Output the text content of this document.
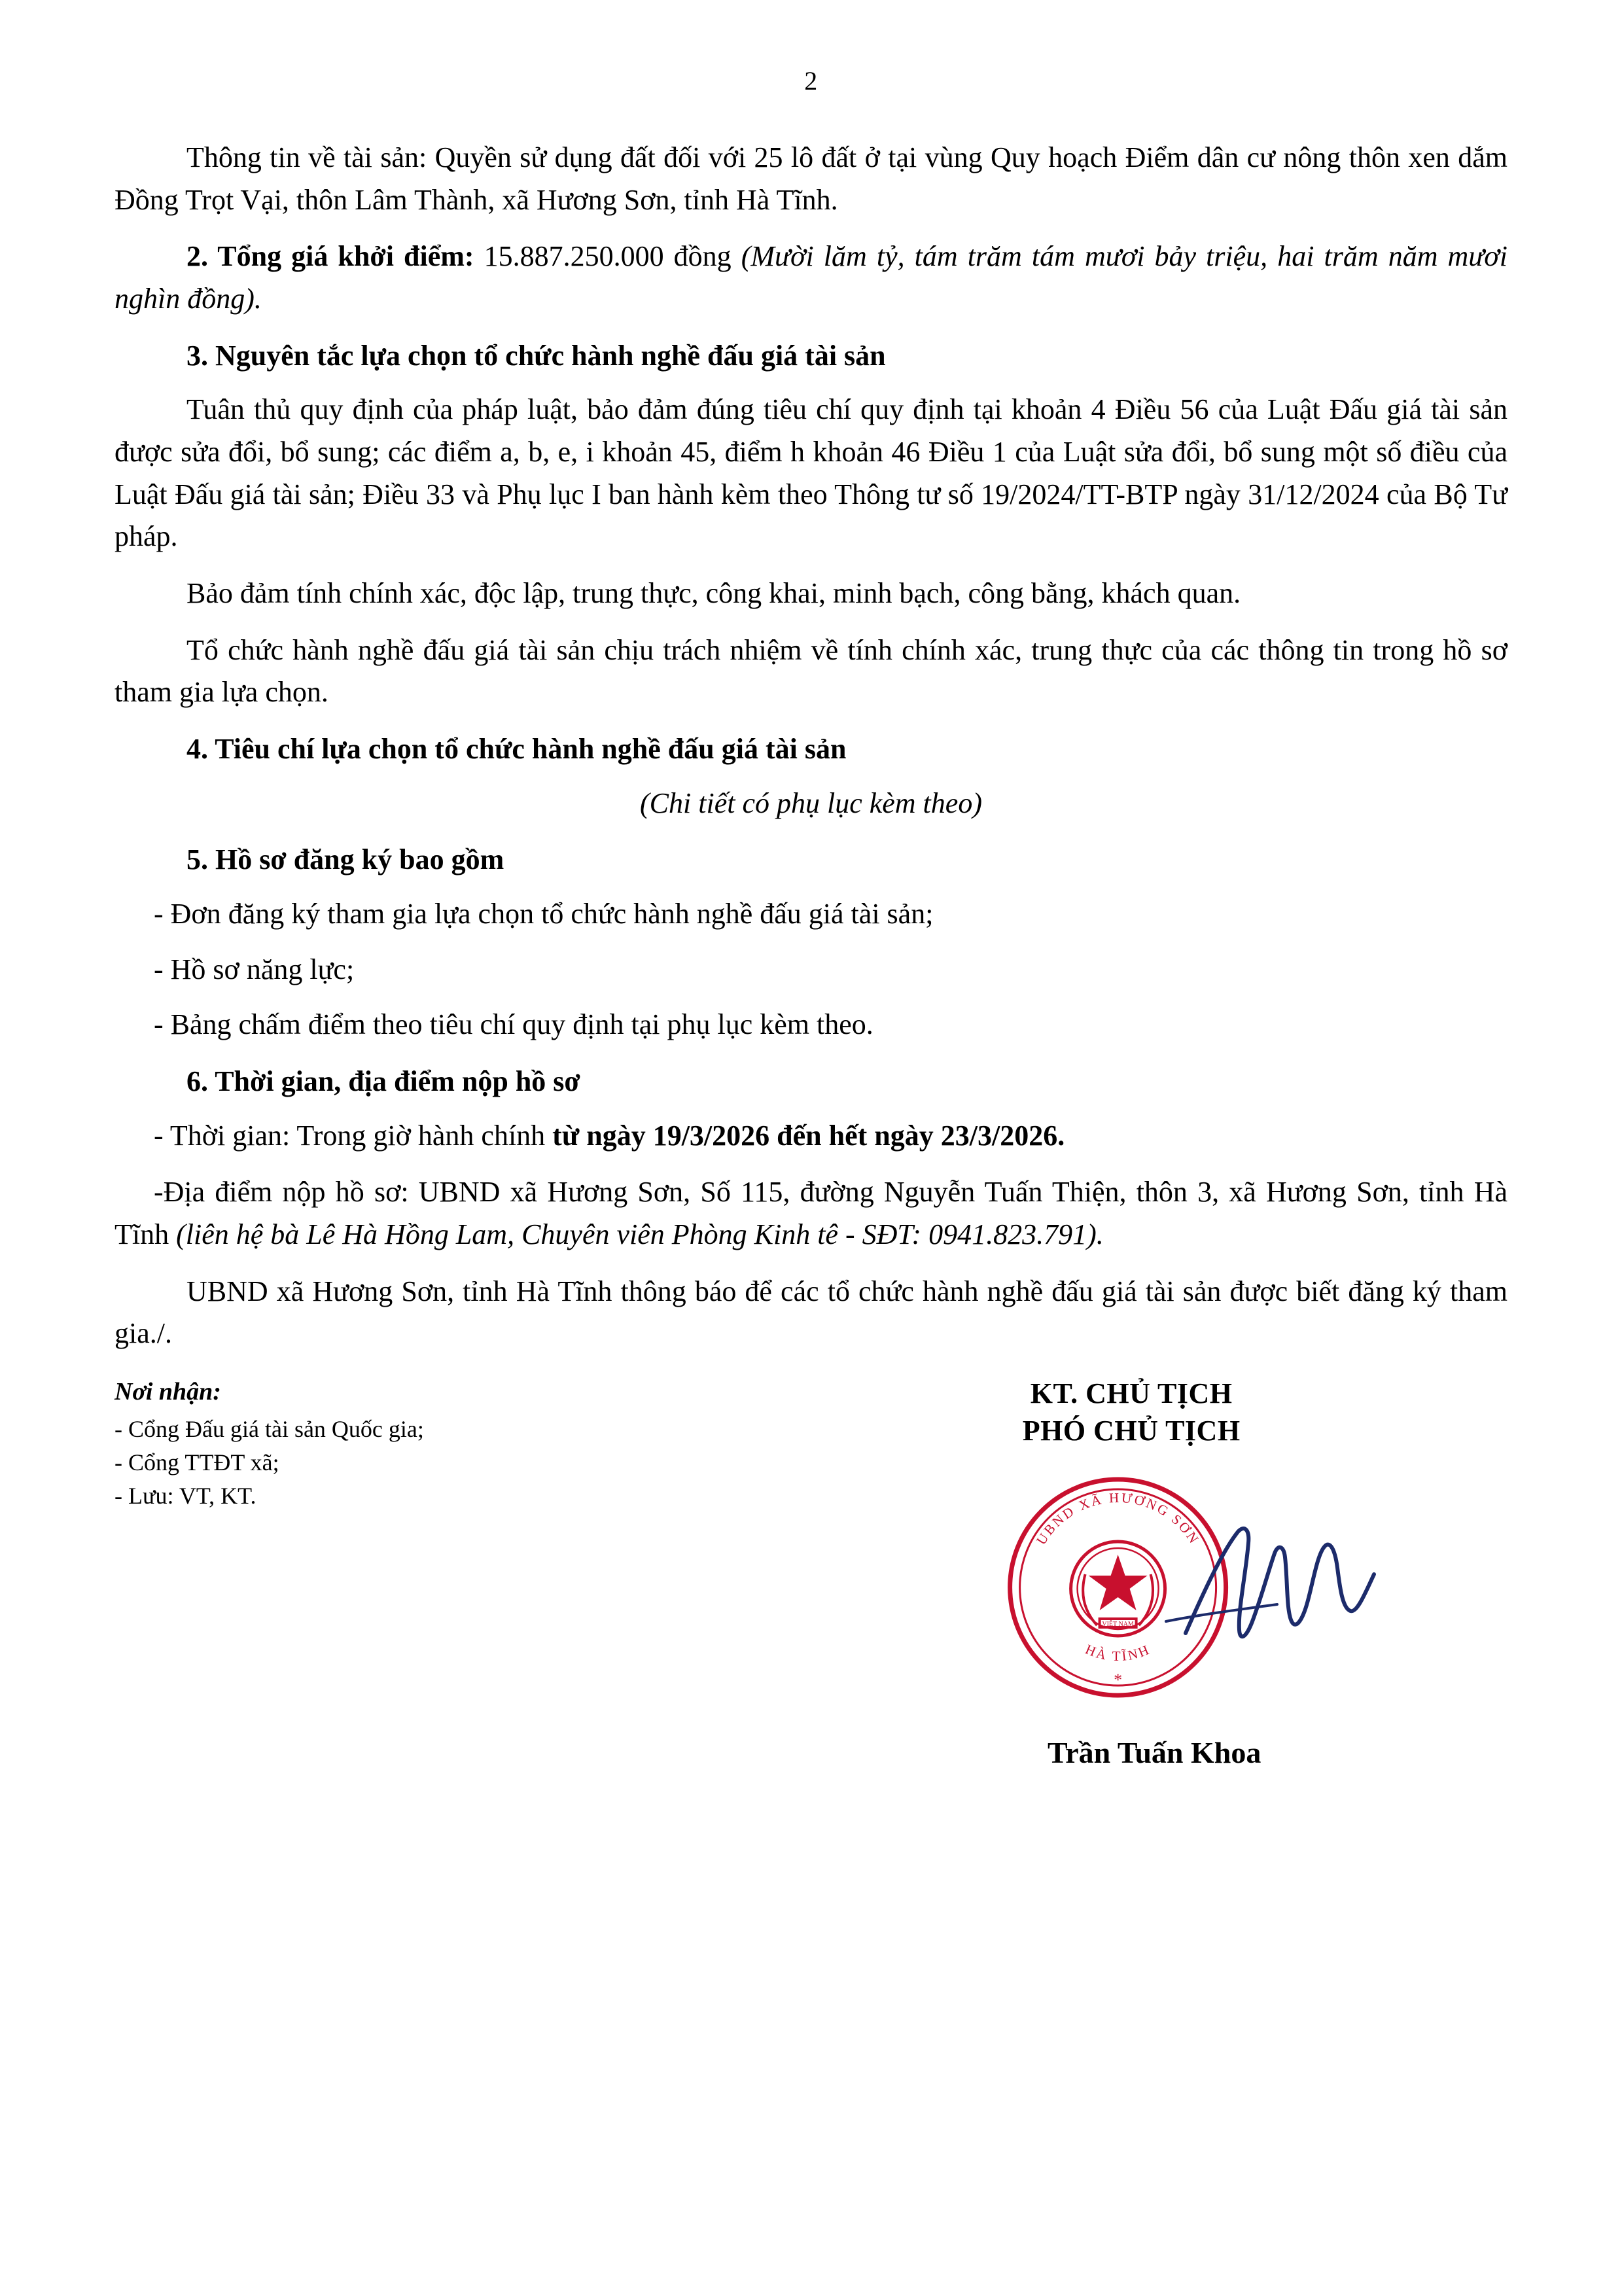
2

Thông tin về tài sản: Quyền sử dụng đất đối với 25 lô đất ở tại vùng Quy hoạch Điểm dân cư nông thôn xen dắm Đồng Trọt Vại, thôn Lâm Thành, xã Hương Sơn, tỉnh Hà Tĩnh.

2. Tổng giá khởi điểm: 15.887.250.000 đồng (Mười lăm tỷ, tám trăm tám mươi bảy triệu, hai trăm năm mươi nghìn đồng).

3. Nguyên tắc lựa chọn tổ chức hành nghề đấu giá tài sản

Tuân thủ quy định của pháp luật, bảo đảm đúng tiêu chí quy định tại khoản 4 Điều 56 của Luật Đấu giá tài sản được sửa đổi, bổ sung; các điểm a, b, e, i khoản 45, điểm h khoản 46 Điều 1 của Luật sửa đổi, bổ sung một số điều của Luật Đấu giá tài sản; Điều 33 và Phụ lục I ban hành kèm theo Thông tư số 19/2024/TT-BTP ngày 31/12/2024 của Bộ Tư pháp.

Bảo đảm tính chính xác, độc lập, trung thực, công khai, minh bạch, công bằng, khách quan.

Tổ chức hành nghề đấu giá tài sản chịu trách nhiệm về tính chính xác, trung thực của các thông tin trong hồ sơ tham gia lựa chọn.

4. Tiêu chí lựa chọn tổ chức hành nghề đấu giá tài sản

(Chi tiết có phụ lục kèm theo)

5. Hồ sơ đăng ký bao gồm

- Đơn đăng ký tham gia lựa chọn tổ chức hành nghề đấu giá tài sản;

- Hồ sơ năng lực;

- Bảng chấm điểm theo tiêu chí quy định tại phụ lục kèm theo.

6. Thời gian, địa điểm nộp hồ sơ

- Thời gian: Trong giờ hành chính từ ngày 19/3/2026 đến hết ngày 23/3/2026.

-Địa điểm nộp hồ sơ: UBND xã Hương Sơn, Số 115, đường Nguyễn Tuấn Thiện, thôn 3, xã Hương Sơn, tỉnh Hà Tĩnh (liên hệ bà Lê Hà Hồng Lam, Chuyên viên Phòng Kinh tê - SĐT: 0941.823.791).

UBND xã Hương Sơn, tỉnh Hà Tĩnh thông báo để các tổ chức hành nghề đấu giá tài sản được biết đăng ký tham gia./.

Nơi nhận:
- Cổng Đấu giá tài sản Quốc gia;
- Cổng TTĐT xã;
- Lưu: VT, KT.
KT. CHỦ TỊCH
PHÓ CHỦ TỊCH
VIỆT NAM
UBND XÃ HƯƠNG SƠN
HÀ TĨNH
*
Trần Tuấn Khoa
